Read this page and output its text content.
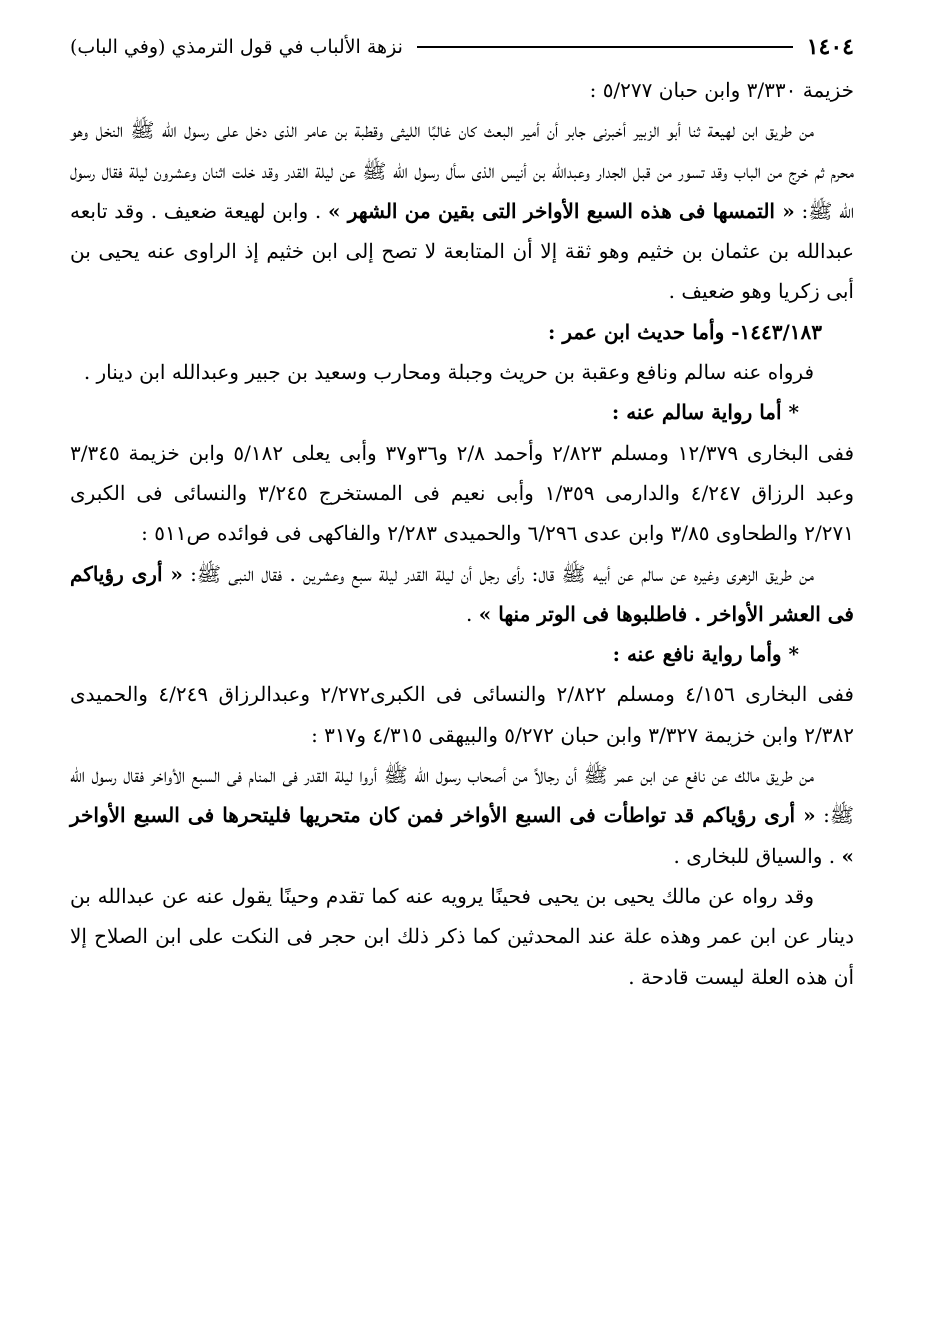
١٤٠٤
نزهة الألباب في قول الترمذي (وفي الباب)

خزيمة ٣/٣٣٠ وابن حبان ٥/٢٧٧ :

من طريق ابن لهيعة ثنا أبو الزبير أخبرنى جابر أن أمير البعث كان غالبًا الليثى وقطبة بن عامر الذى دخل على رسول الله ﷺ النخل وهو محرم ثم خرج من الباب وقد تسور من قبل الجدار وعبدالله بن أنيس الذى سأل رسول الله ﷺ عن ليلة القدر وقد خلت اثنان وعشرون ليلة فقال رسول الله ﷺ: « التمسها فى هذه السبع الأواخر التى بقين من الشهر » . وابن لهيعة ضعيف . وقد تابعه عبدالله بن عثمان بن خثيم وهو ثقة إلا أن المتابعة لا تصح إلى ابن خثيم إذ الراوى عنه يحيى بن أبى زكريا وهو ضعيف .

١٤٤٣/١٨٣- وأما حديث ابن عمر :

فرواه عنه سالم ونافع وعقبة بن حريث وجبلة ومحارب وسعيد بن جبير وعبدالله ابن دينار .

* أما رواية سالم عنه :

ففى البخارى ١٢/٣٧٩ ومسلم ٢/٨٢٣ وأحمد ٢/٨ و٣٦و٣٧ وأبى يعلى ٥/١٨٢ وابن خزيمة ٣/٣٤٥ وعبد الرزاق ٤/٢٤٧ والدارمى ١/٣٥٩ وأبى نعيم فى المستخرج ٣/٢٤٥ والنسائى فى الكبرى ٢/٢٧١ والطحاوى ٣/٨٥ وابن عدى ٦/٢٩٦ والحميدى ٢/٢٨٣ والفاكهى فى فوائده ص٥١١ :

من طريق الزهرى وغيره عن سالم عن أبيه ﷺ قال: رأى رجل أن ليلة القدر ليلة سبع وعشرين . فقال النبى ﷺ: « أرى رؤياكم فى العشر الأواخر . فاطلبوها فى الوتر منها » .

* وأما رواية نافع عنه :

ففى البخارى ٤/١٥٦ ومسلم ٢/٨٢٢ والنسائى فى الكبرى٢/٢٧٢ وعبدالرزاق ٤/٢٤٩ والحميدى ٢/٣٨٢ وابن خزيمة ٣/٣٢٧ وابن حبان ٥/٢٧٢ والبيهقى ٤/٣١٥ و٣١٧ :

من طريق مالك عن نافع عن ابن عمر ﷺ أن رجالاً من أصحاب رسول الله ﷺ أروا ليلة القدر فى المنام فى السبع الأواخر فقال رسول الله ﷺ: « أرى رؤياكم قد تواطأت فى السبع الأواخر فمن كان متحريها فليتحرها فى السبع الأواخر » . والسياق للبخارى .

وقد رواه عن مالك يحيى بن يحيى فحينًا يرويه عنه كما تقدم وحينًا يقول عنه عن عبدالله بن دينار عن ابن عمر وهذه علة عند المحدثين كما ذكر ذلك ابن حجر فى النكت على ابن الصلاح إلا أن هذه العلة ليست قادحة .
